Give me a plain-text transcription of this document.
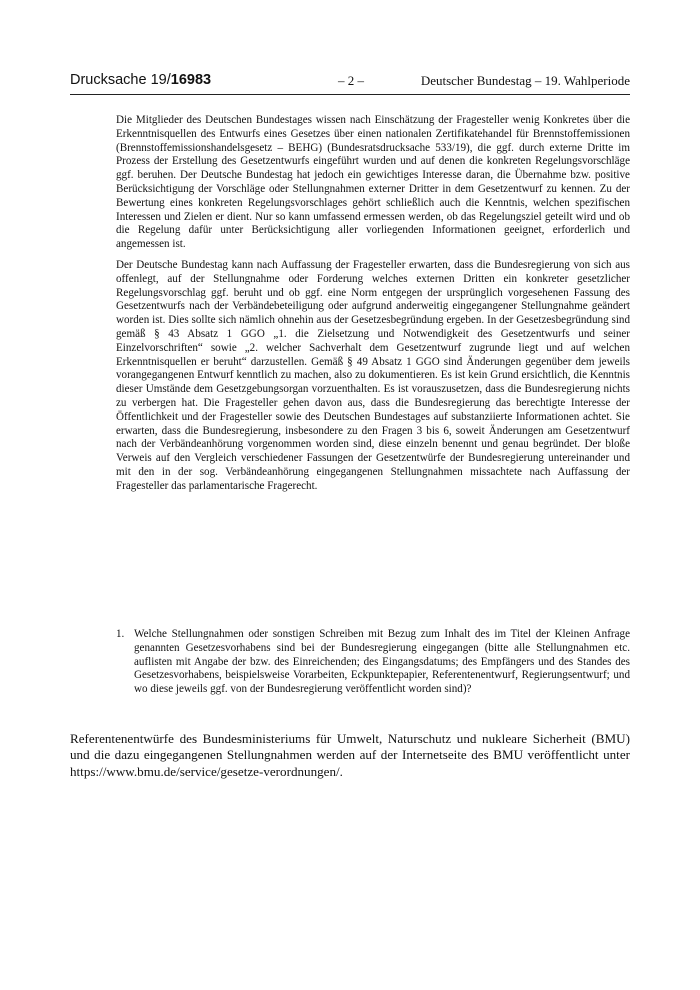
Drucksache 19/16983	– 2 –	Deutscher Bundestag – 19. Wahlperiode

Die Mitglieder des Deutschen Bundestages wissen nach Einschätzung der Fragesteller wenig Konkretes über die Erkenntnisquellen des Entwurfs eines Gesetzes über einen nationalen Zertifikatehandel für Brennstoffemissionen (Brennstoffemissionshandelsgesetz – BEHG) (Bundesratsdrucksache 533/19), die ggf. durch externe Dritte im Prozess der Erstellung des Gesetzentwurfs eingeführt wurden und auf denen die konkreten Regelungsvorschläge ggf. beruhen. Der Deutsche Bundestag hat jedoch ein gewichtiges Interesse daran, die Übernahme bzw. positive Berücksichtigung der Vorschläge oder Stellungnahmen externer Dritter in dem Gesetzentwurf zu kennen. Zu der Bewertung eines konkreten Regelungsvorschlages gehört schließlich auch die Kenntnis, welchen spezifischen Interessen und Zielen er dient. Nur so kann umfassend ermessen werden, ob das Regelungsziel geteilt wird und ob die Regelung dafür unter Berücksichtigung aller vorliegenden Informationen geeignet, erforderlich und angemessen ist.

Der Deutsche Bundestag kann nach Auffassung der Fragesteller erwarten, dass die Bundesregierung von sich aus offenlegt, auf der Stellungnahme oder Forderung welches externen Dritten ein konkreter gesetzlicher Regelungsvorschlag ggf. beruht und ob ggf. eine Norm entgegen der ursprünglich vorgesehenen Fassung des Gesetzentwurfs nach der Verbändebeteiligung oder aufgrund anderweitig eingegangener Stellungnahme geändert worden ist. Dies sollte sich nämlich ohnehin aus der Gesetzesbegründung ergeben. In der Gesetzesbegründung sind gemäß § 43 Absatz 1 GGO „1. die Zielsetzung und Notwendigkeit des Gesetzentwurfs und seiner Einzelvorschriften“ sowie „2. welcher Sachverhalt dem Gesetzentwurf zugrunde liegt und auf welchen Erkenntnisquellen er beruht“ darzustellen. Gemäß § 49 Absatz 1 GGO sind Änderungen gegenüber dem jeweils vorangegangenen Entwurf kenntlich zu machen, also zu dokumentieren. Es ist kein Grund ersichtlich, die Kenntnis dieser Umstände dem Gesetzgebungsorgan vorzuenthalten. Es ist vorauszusetzen, dass die Bundesregierung nichts zu verbergen hat. Die Fragesteller gehen davon aus, dass die Bundesregierung das berechtigte Interesse der Öffentlichkeit und der Fragesteller sowie des Deutschen Bundestages auf substanziierte Informationen achtet. Sie erwarten, dass die Bundesregierung, insbesondere zu den Fragen 3 bis 6, soweit Änderungen am Gesetzentwurf nach der Verbändeanhörung vorgenommen worden sind, diese einzeln benennt und genau begründet. Der bloße Verweis auf den Vergleich verschiedener Fassungen der Gesetzentwürfe der Bundesregierung untereinander und mit den in der sog. Verbändeanhörung eingegangenen Stellungnahmen missachtete nach Auffassung der Fragesteller das parlamentarische Fragerecht.

1. Welche Stellungnahmen oder sonstigen Schreiben mit Bezug zum Inhalt des im Titel der Kleinen Anfrage genannten Gesetzesvorhabens sind bei der Bundesregierung eingegangen (bitte alle Stellungnahmen etc. auflisten mit Angabe der bzw. des Einreichenden; des Eingangsdatums; des Empfängers und des Standes des Gesetzesvorhabens, beispielsweise Vorarbeiten, Eckpunktepapier, Referentenentwurf, Regierungsentwurf; und wo diese jeweils ggf. von der Bundesregierung veröffentlicht worden sind)?
Referentenentwürfe des Bundesministeriums für Umwelt, Naturschutz und nukleare Sicherheit (BMU) und die dazu eingegangenen Stellungnahmen werden auf der Internetseite des BMU veröffentlicht unter https://www.bmu.de/service/gesetze-verordnungen/.
